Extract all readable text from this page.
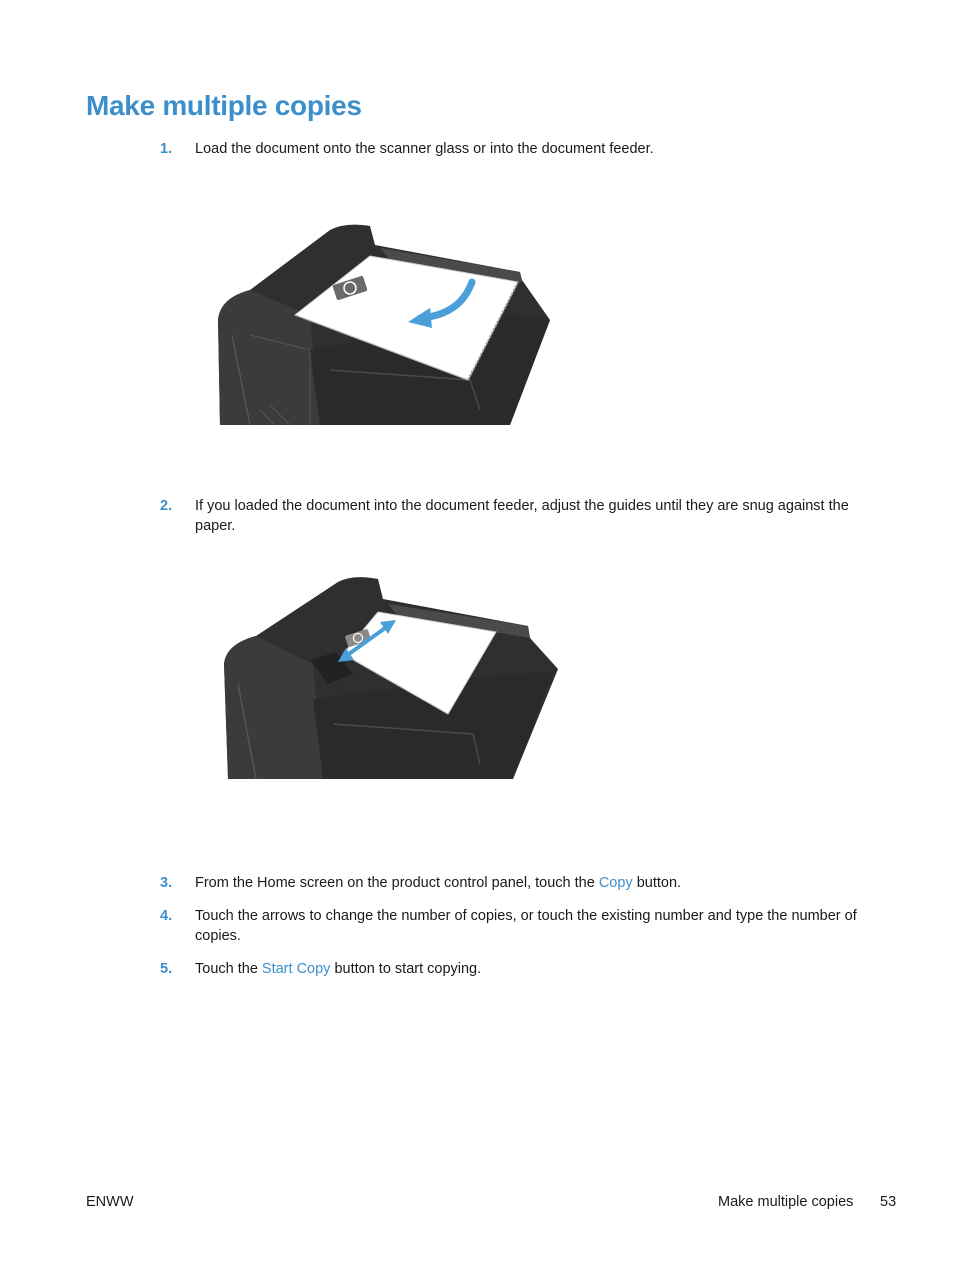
Make multiple copies
1. Load the document onto the scanner glass or into the document feeder.
2. If you loaded the document into the document feeder, adjust the guides until they are snug against the paper.
3. From the Home screen on the product control panel, touch the Copy button.
4. Touch the arrows to change the number of copies, or touch the existing number and type the number of copies.
5. Touch the Start Copy button to start copying.
ENWW	Make multiple copies 53
